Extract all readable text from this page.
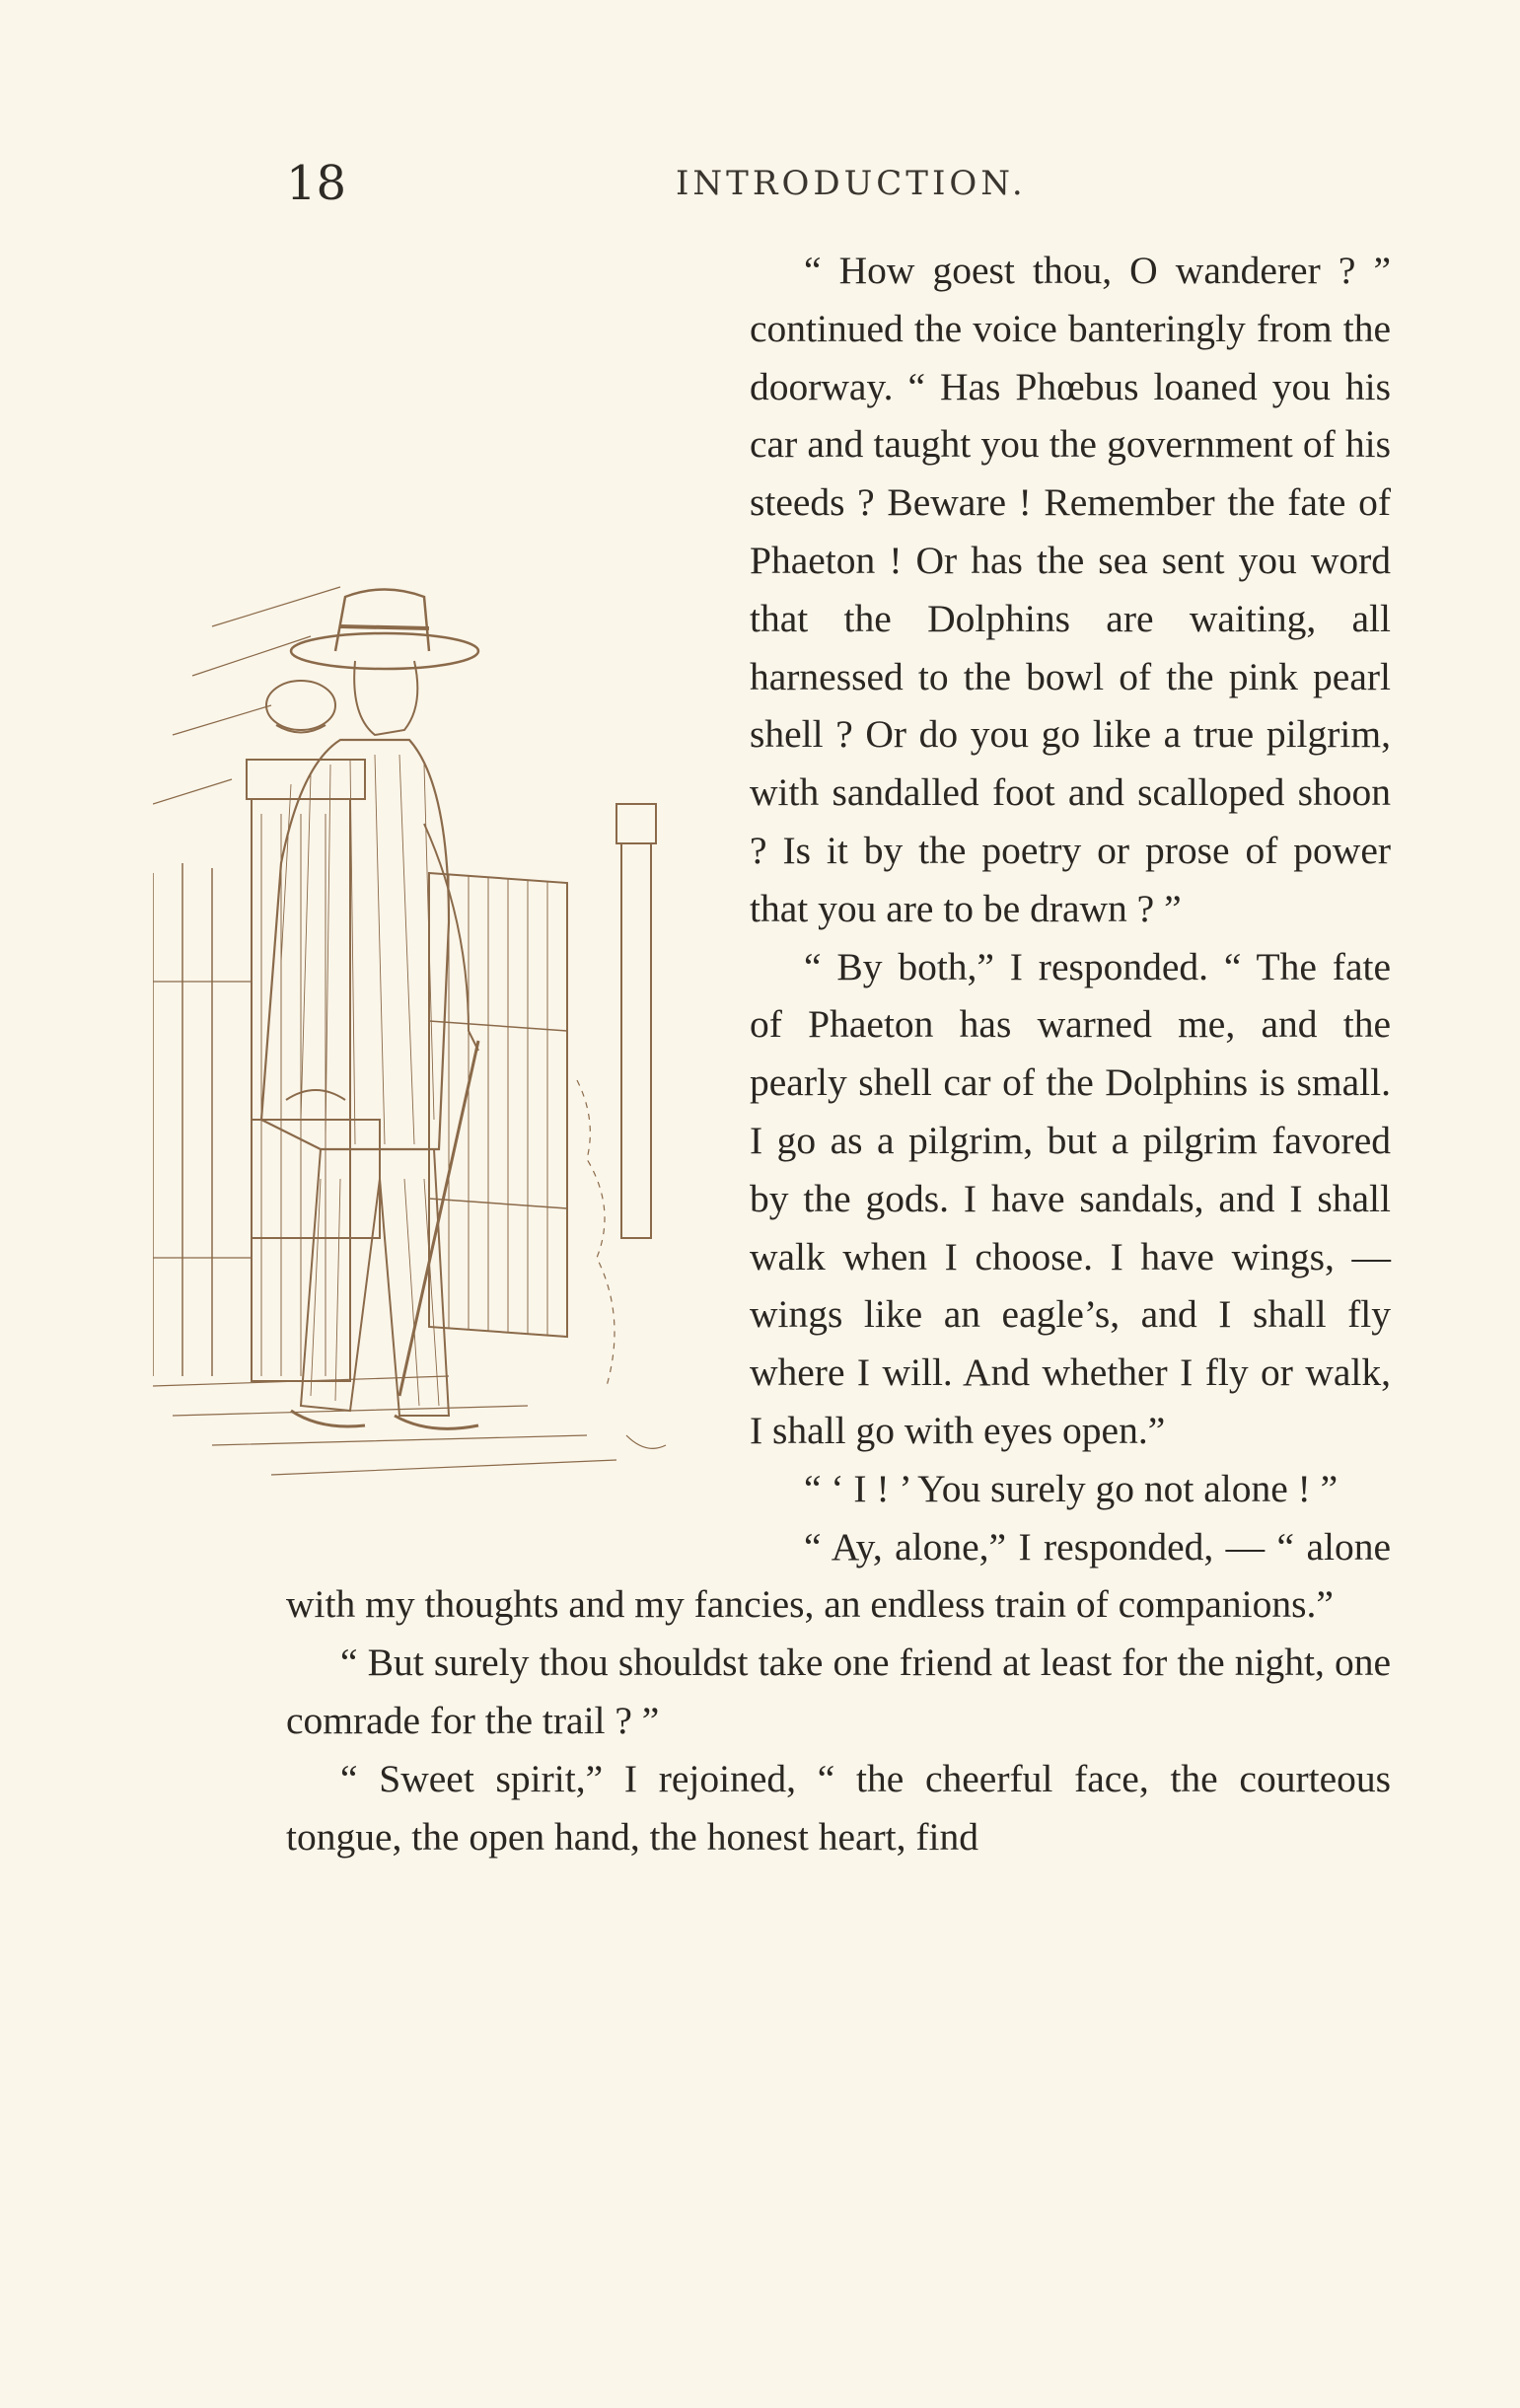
18	INTRODUCTION.

“ How goest thou, O wanderer ? ” continued the voice banteringly from the doorway. “ Has Phœbus loaned you his car and taught you the government of his steeds ? Beware ! Remember the fate of Phaeton ! Or has the sea sent you word that the Dolphins are waiting, all harnessed to the bowl of the pink pearl shell ? Or do you go like a true pilgrim, with sandalled foot and scalloped shoon ? Is it by the poetry or prose of power that you are to be drawn ? ”

“ By both,” I responded. “ The fate of Phaeton has warned me, and the pearly shell car of the Dolphins is small. I go as a pilgrim, but a pilgrim favored by the gods. I have sandals, and I shall walk when I choose. I have wings, — wings like an eagle’s, and I shall fly where I will. And whether I fly or walk, I shall go with eyes open.”

“ ‘ I ! ’ You surely go not alone ! ”

“ Ay, alone,” I responded, — “ alone with my thoughts and my fancies, an endless train of companions.”

“ But surely thou shouldst take one friend at least for the night, one comrade for the trail ? ”

“ Sweet spirit,” I rejoined, “ the cheerful face, the courteous tongue, the open hand, the honest heart, find
